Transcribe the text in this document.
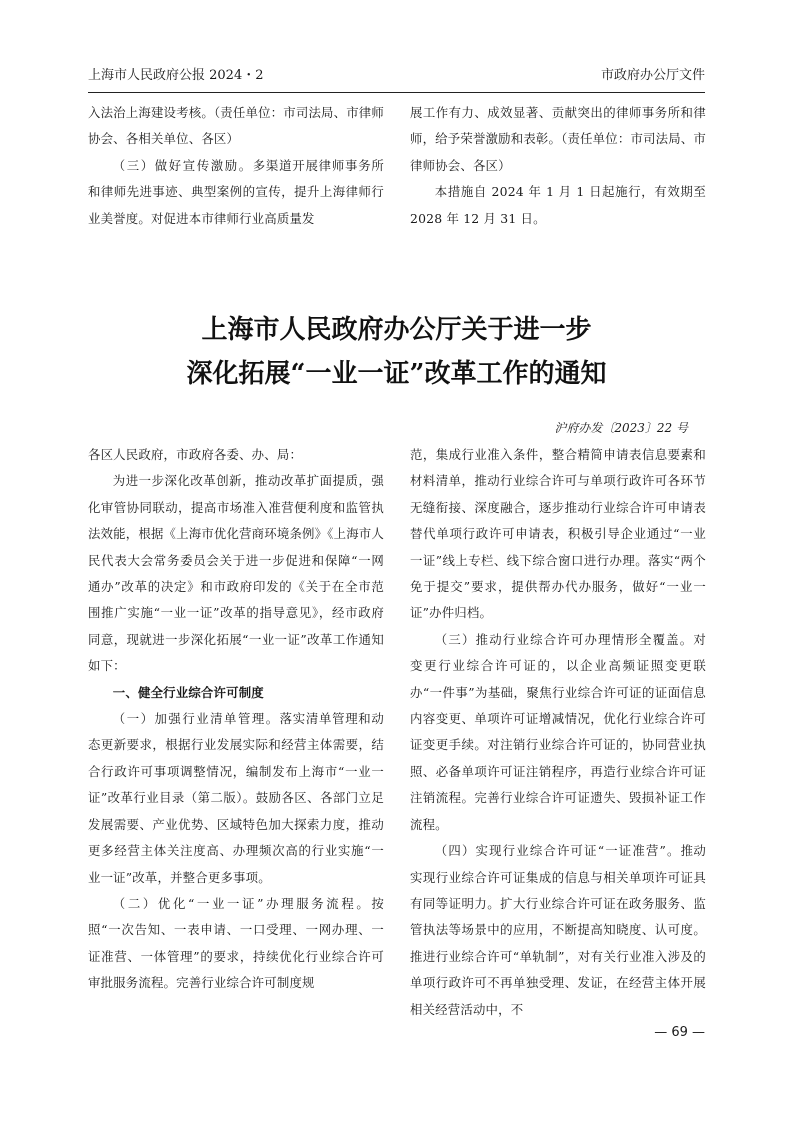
上海市人民政府公报 2024・2	市政府办公厅文件

入法治上海建设考核。（责任单位：市司法局、市律师协会、各相关单位、各区）

（三）做好宣传激励。多渠道开展律师事务所和律师先进事迹、典型案例的宣传，提升上海律师行业美誉度。对促进本市律师行业高质量发

展工作有力、成效显著、贡献突出的律师事务所和律师，给予荣誉激励和表彰。（责任单位：市司法局、市律师协会、各区）

本措施自 2024 年 1 月 1 日起施行，有效期至 2028 年 12 月 31 日。

上海市人民政府办公厅关于进一步
深化拓展“一业一证”改革工作的通知
沪府办发〔2023〕22 号

各区人民政府，市政府各委、办、局：

为进一步深化改革创新，推动改革扩面提质，强化审管协同联动，提高市场准入准营便利度和监管执法效能，根据《上海市优化营商环境条例》《上海市人民代表大会常务委员会关于进一步促进和保障“一网通办”改革的决定》和市政府印发的《关于在全市范围推广实施“一业一证”改革的指导意见》，经市政府同意，现就进一步深化拓展“一业一证”改革工作通知如下：

一、健全行业综合许可制度

（一）加强行业清单管理。落实清单管理和动态更新要求，根据行业发展实际和经营主体需要，结合行政许可事项调整情况，编制发布上海市“一业一证”改革行业目录（第二版）。鼓励各区、各部门立足发展需要、产业优势、区域特色加大探索力度，推动更多经营主体关注度高、办理频次高的行业实施“一业一证”改革，并整合更多事项。

（二）优化“一业一证”办理服务流程。按照“一次告知、一表申请、一口受理、一网办理、一证准营、一体管理”的要求，持续优化行业综合许可审批服务流程。完善行业综合许可制度规

范，集成行业准入条件，整合精简申请表信息要素和材料清单，推动行业综合许可与单项行政许可各环节无缝衔接、深度融合，逐步推动行业综合许可申请表替代单项行政许可申请表，积极引导企业通过“一业一证”线上专栏、线下综合窗口进行办理。落实“两个免于提交”要求，提供帮办代办服务，做好“一业一证”办件归档。

（三）推动行业综合许可办理情形全覆盖。对变更行业综合许可证的，以企业高频证照变更联办“一件事”为基础，聚焦行业综合许可证的证面信息内容变更、单项许可证增减情况，优化行业综合许可证变更手续。对注销行业综合许可证的，协同营业执照、必备单项许可证注销程序，再造行业综合许可证注销流程。完善行业综合许可证遗失、毁损补证工作流程。

（四）实现行业综合许可证“一证准营”。推动实现行业综合许可证集成的信息与相关单项许可证具有同等证明力。扩大行业综合许可证在政务服务、监管执法等场景中的应用，不断提高知晓度、认可度。推进行业综合许可“单轨制”，对有关行业准入涉及的单项行政许可不再单独受理、发证，在经营主体开展相关经营活动中，不

— 69 —
